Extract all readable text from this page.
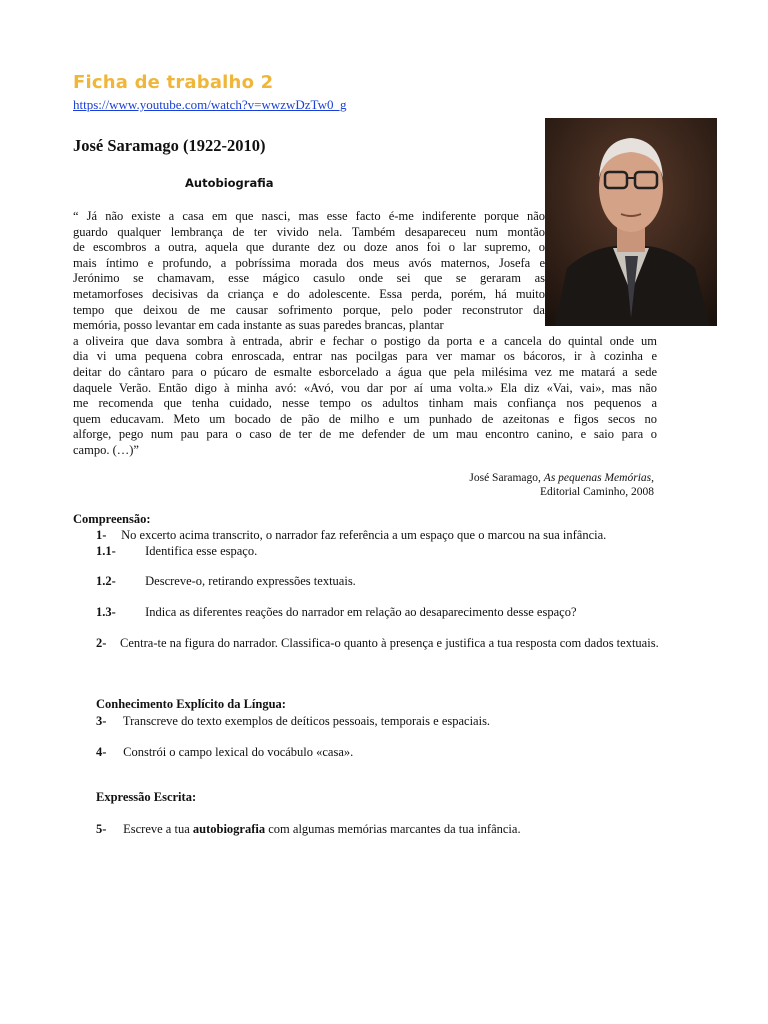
Ficha de trabalho 2
https://www.youtube.com/watch?v=wwzwDzTw0_g
José Saramago (1922-2010)
Autobiografia
“ Já não existe a casa em que nasci, mas esse facto é-me indiferente porque não
guardo qualquer lembrança de ter vivido nela. Também desapareceu num montão
de escombros a outra, aquela que durante dez ou doze anos foi o lar supremo, o
mais íntimo e profundo, a pobríssima morada dos meus avós maternos, Josefa e
Jerónimo se chamavam, esse mágico casulo onde sei que se geraram as
metamorfoses decisivas da criança e do adolescente. Essa perda, porém, há muito
tempo que deixou de me causar sofrimento porque, pelo poder reconstrutor da
memória, posso levantar em cada instante as suas paredes brancas, plantar
a oliveira que dava sombra à entrada, abrir e fechar o postigo da porta e a cancela do quintal onde um
dia vi uma pequena cobra enroscada, entrar nas pocilgas para ver mamar os bácoros, ir à cozinha e
deitar do cântaro para o púcaro de esmalte esborcelado a água que pela milésima vez me matará a sede
daquele Verão. Então digo à minha avó: «Avó, vou dar por aí uma volta.» Ela diz «Vai, vai», mas não
me recomenda que tenha cuidado, nesse tempo os adultos tinham mais confiança nos pequenos a
quem educavam. Meto um bocado de pão de milho e um punhado de azeitonas e figos secos no
alforge, pego num pau para o caso de ter de me defender de um mau encontro canino, e saio para o
campo. (…)”
José Saramago, As pequenas Memórias,
Editorial Caminho, 2008
Compreensão:
1- No excerto acima transcrito, o narrador faz referência a um espaço que o marcou na sua infância.
1.1- Identifica esse espaço.
1.2- Descreve-o, retirando expressões textuais.
1.3- Indica as diferentes reações do narrador em relação ao desaparecimento desse espaço?
2-	Centra-te na figura do narrador. Classifica-o quanto à presença e justifica a tua resposta com dados textuais.
Conhecimento Explícito da Língua:
3- Transcreve do texto exemplos de deíticos pessoais, temporais e espaciais.
4- Constrói o campo lexical do vocábulo «casa».
Expressão Escrita:
5- Escreve a tua autobiografia com algumas memórias marcantes da tua infância.
